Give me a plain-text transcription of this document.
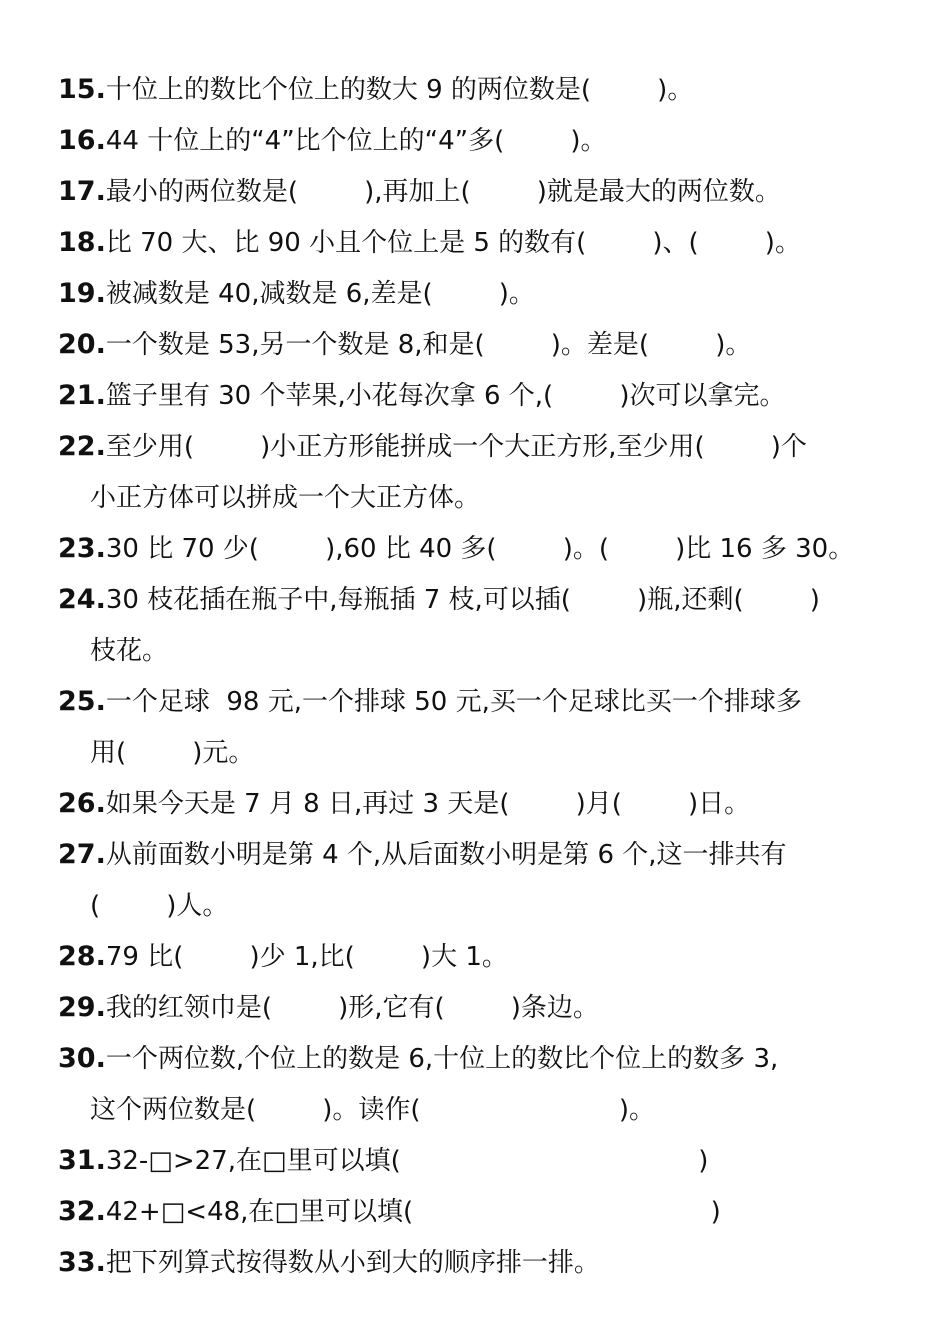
15.十位上的数比个位上的数大 9 的两位数是(        )。
16.44 十位上的“4”比个位上的“4”多(        )。
17.最小的两位数是(        ),再加上(        )就是最大的两位数。
18.比 70 大、比 90 小且个位上是 5 的数有(        )、(        )。
19.被减数是 40,减数是 6,差是(        )。
20.一个数是 53,另一个数是 8,和是(        )。差是(        )。
21.篮子里有 30 个苹果,小花每次拿 6 个,(        )次可以拿完。
22.至少用(        )小正方形能拼成一个大正方形,至少用(        )个
小正方体可以拼成一个大正方体。
23.30 比 70 少(        ),60 比 40 多(        )。(        )比 16 多 30。
24.30 枝花插在瓶子中,每瓶插 7 枝,可以插(        )瓶,还剩(        )
枝花。
25.一个足球  98 元,一个排球 50 元,买一个足球比买一个排球多
用(        )元。
26.如果今天是 7 月 8 日,再过 3 天是(        )月(        )日。
27.从前面数小明是第 4 个,从后面数小明是第 6 个,这一排共有
(        )人。
28.79 比(        )少 1,比(        )大 1。
29.我的红领巾是(        )形,它有(        )条边。
30.一个两位数,个位上的数是 6,十位上的数比个位上的数多 3,
这个两位数是(        )。读作(                        )。
31.32-□>27,在□里可以填(                                    )
32.42+□<48,在□里可以填(                                    )
33.把下列算式按得数从小到大的顺序排一排。
